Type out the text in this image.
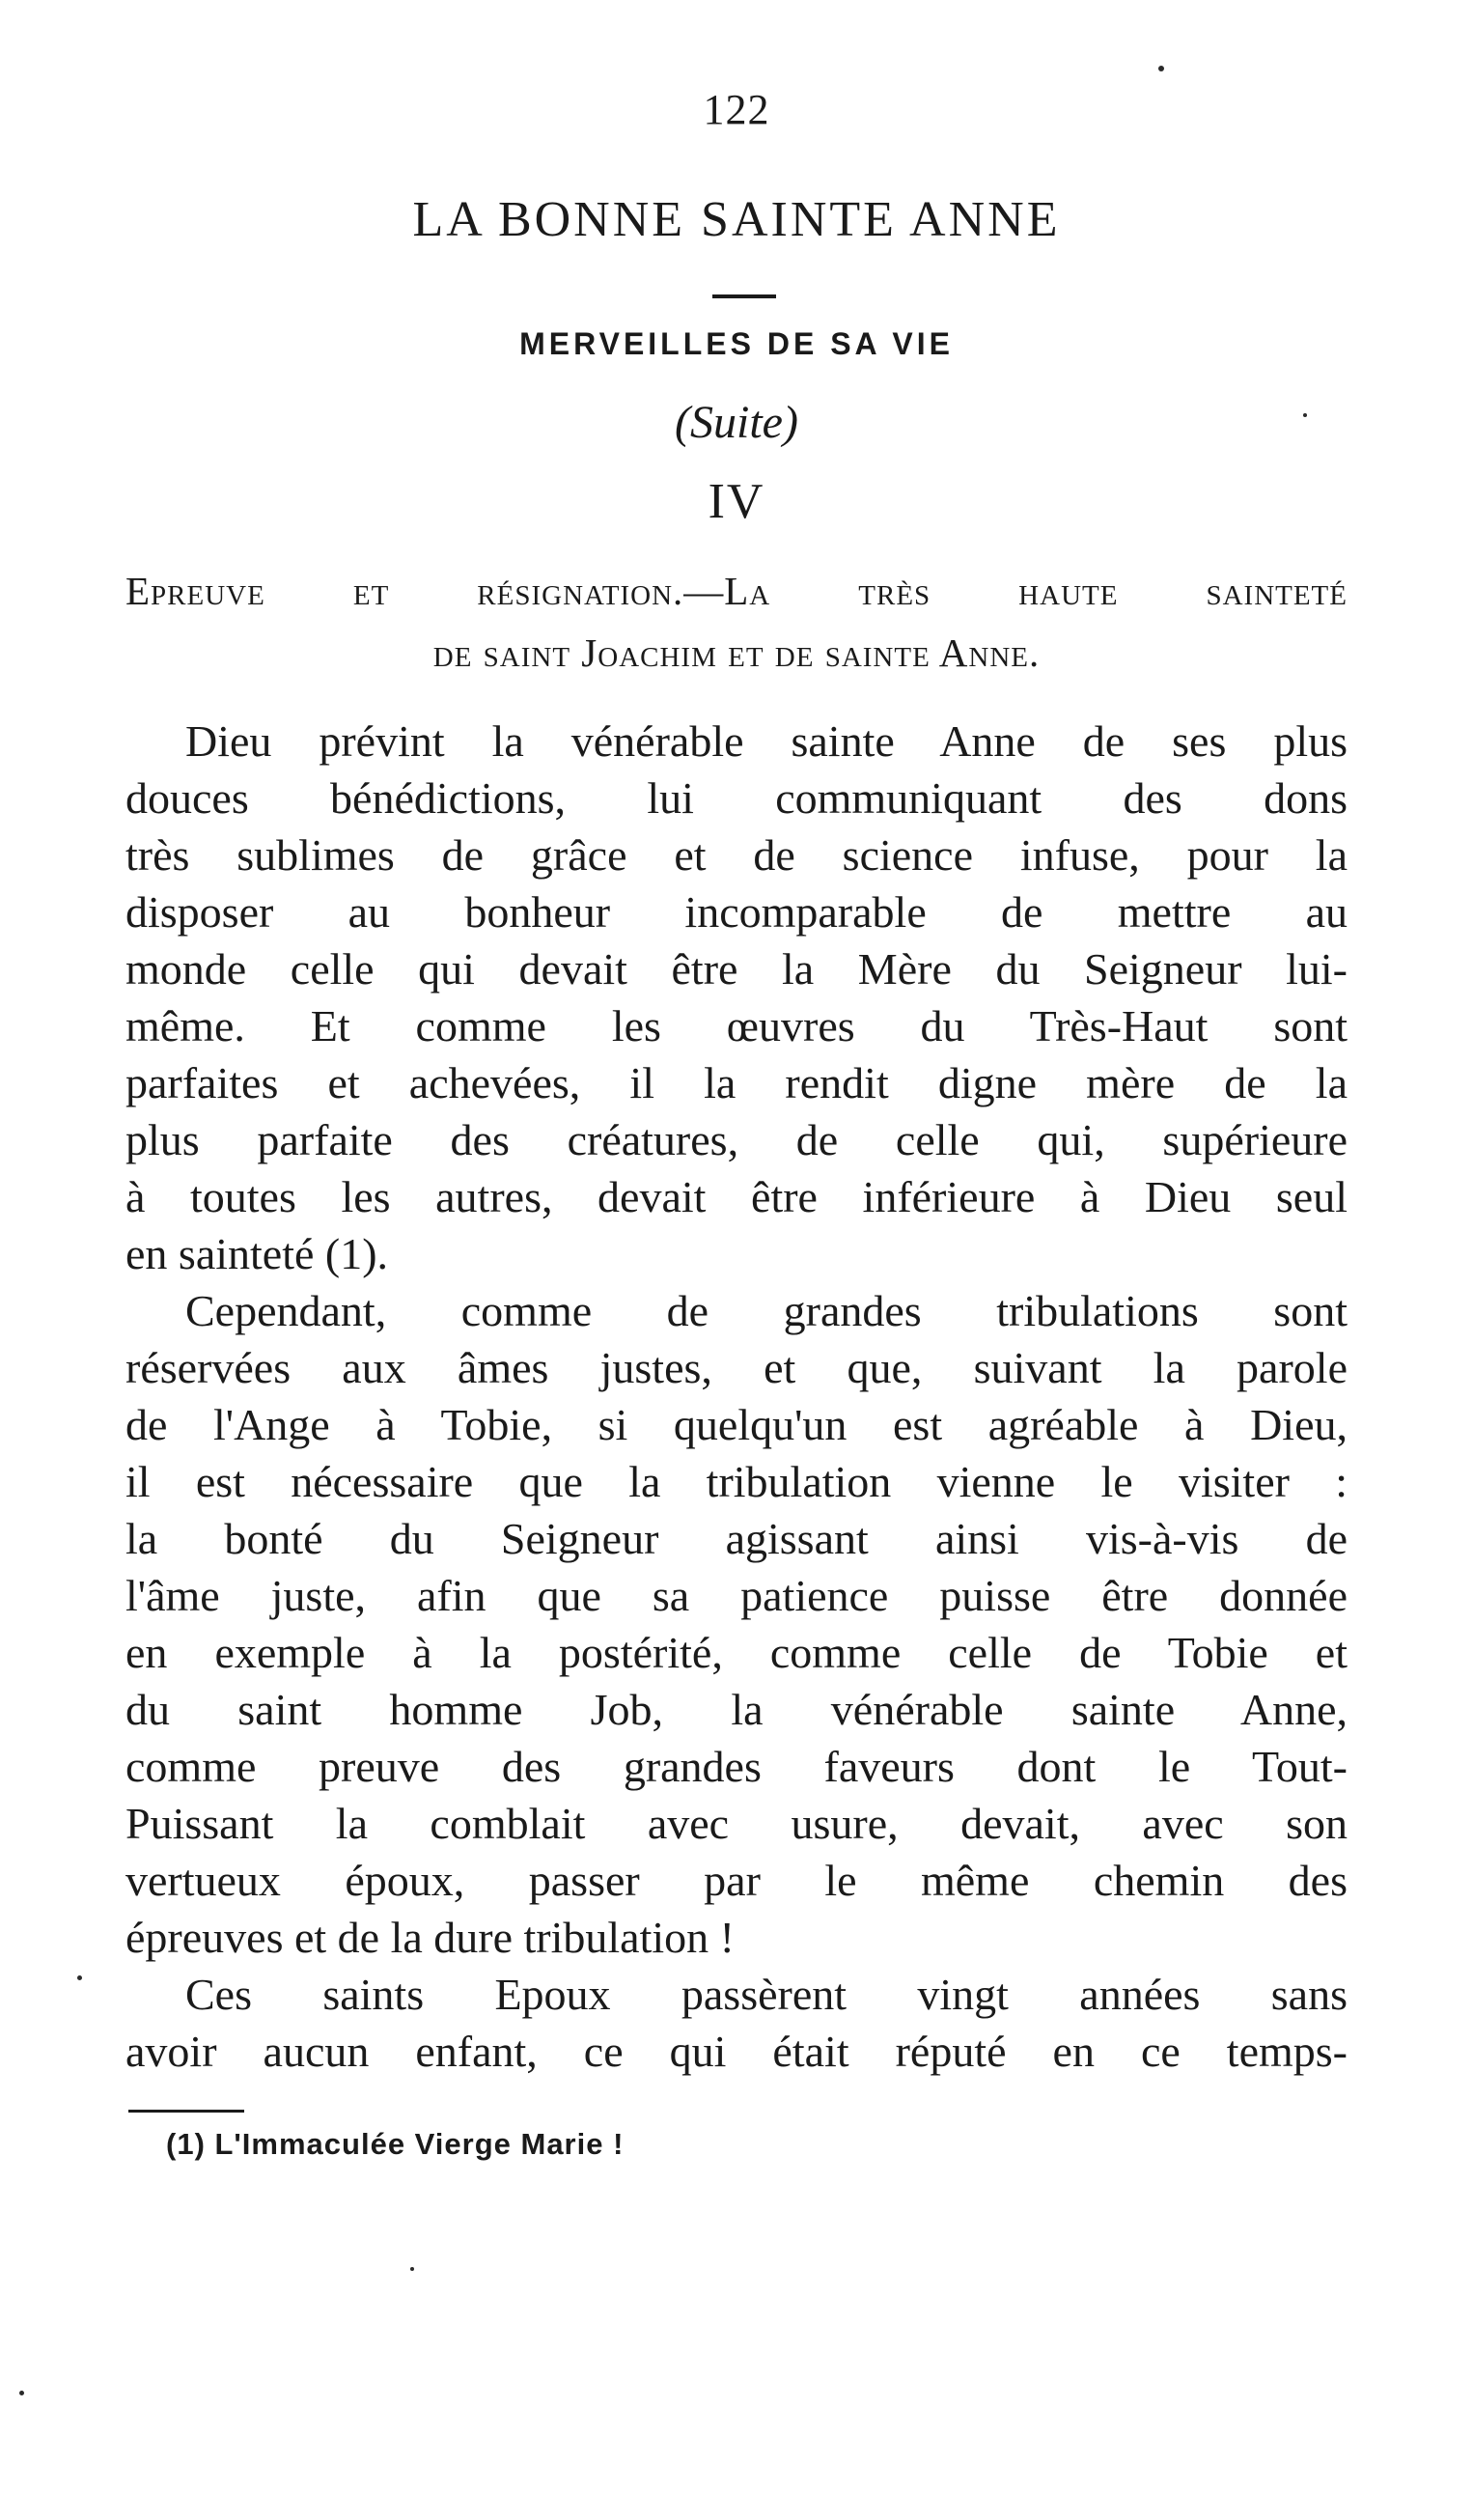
122
LA BONNE SAINTE ANNE
MERVEILLES DE SA VIE
(Suite)
IV
Epreuve et résignation.—La très haute sainteté
de saint Joachim et de sainte Anne.
Dieu prévint la vénérable sainte Anne de ses plus
douces bénédictions, lui communiquant des dons
très sublimes de grâce et de science infuse, pour la
disposer au bonheur incomparable de mettre au
monde celle qui devait être la Mère du Seigneur lui-
même. Et comme les œuvres du Très-Haut sont
parfaites et achevées, il la rendit digne mère de la
plus parfaite des créatures, de celle qui, supérieure
à toutes les autres, devait être inférieure à Dieu seul
en sainteté (1).
Cependant, comme de grandes tribulations sont
réservées aux âmes justes, et que, suivant la parole
de l'Ange à Tobie, si quelqu'un est agréable à Dieu,
il est nécessaire que la tribulation vienne le visiter :
la bonté du Seigneur agissant ainsi vis-à-vis de
l'âme juste, afin que sa patience puisse être donnée
en exemple à la postérité, comme celle de Tobie et
du saint homme Job, la vénérable sainte Anne,
comme preuve des grandes faveurs dont le Tout-
Puissant la comblait avec usure, devait, avec son
vertueux époux, passer par le même chemin des
épreuves et de la dure tribulation !
Ces saints Epoux passèrent vingt années sans
avoir aucun enfant, ce qui était réputé en ce temps-
(1) L'Immaculée Vierge Marie !
